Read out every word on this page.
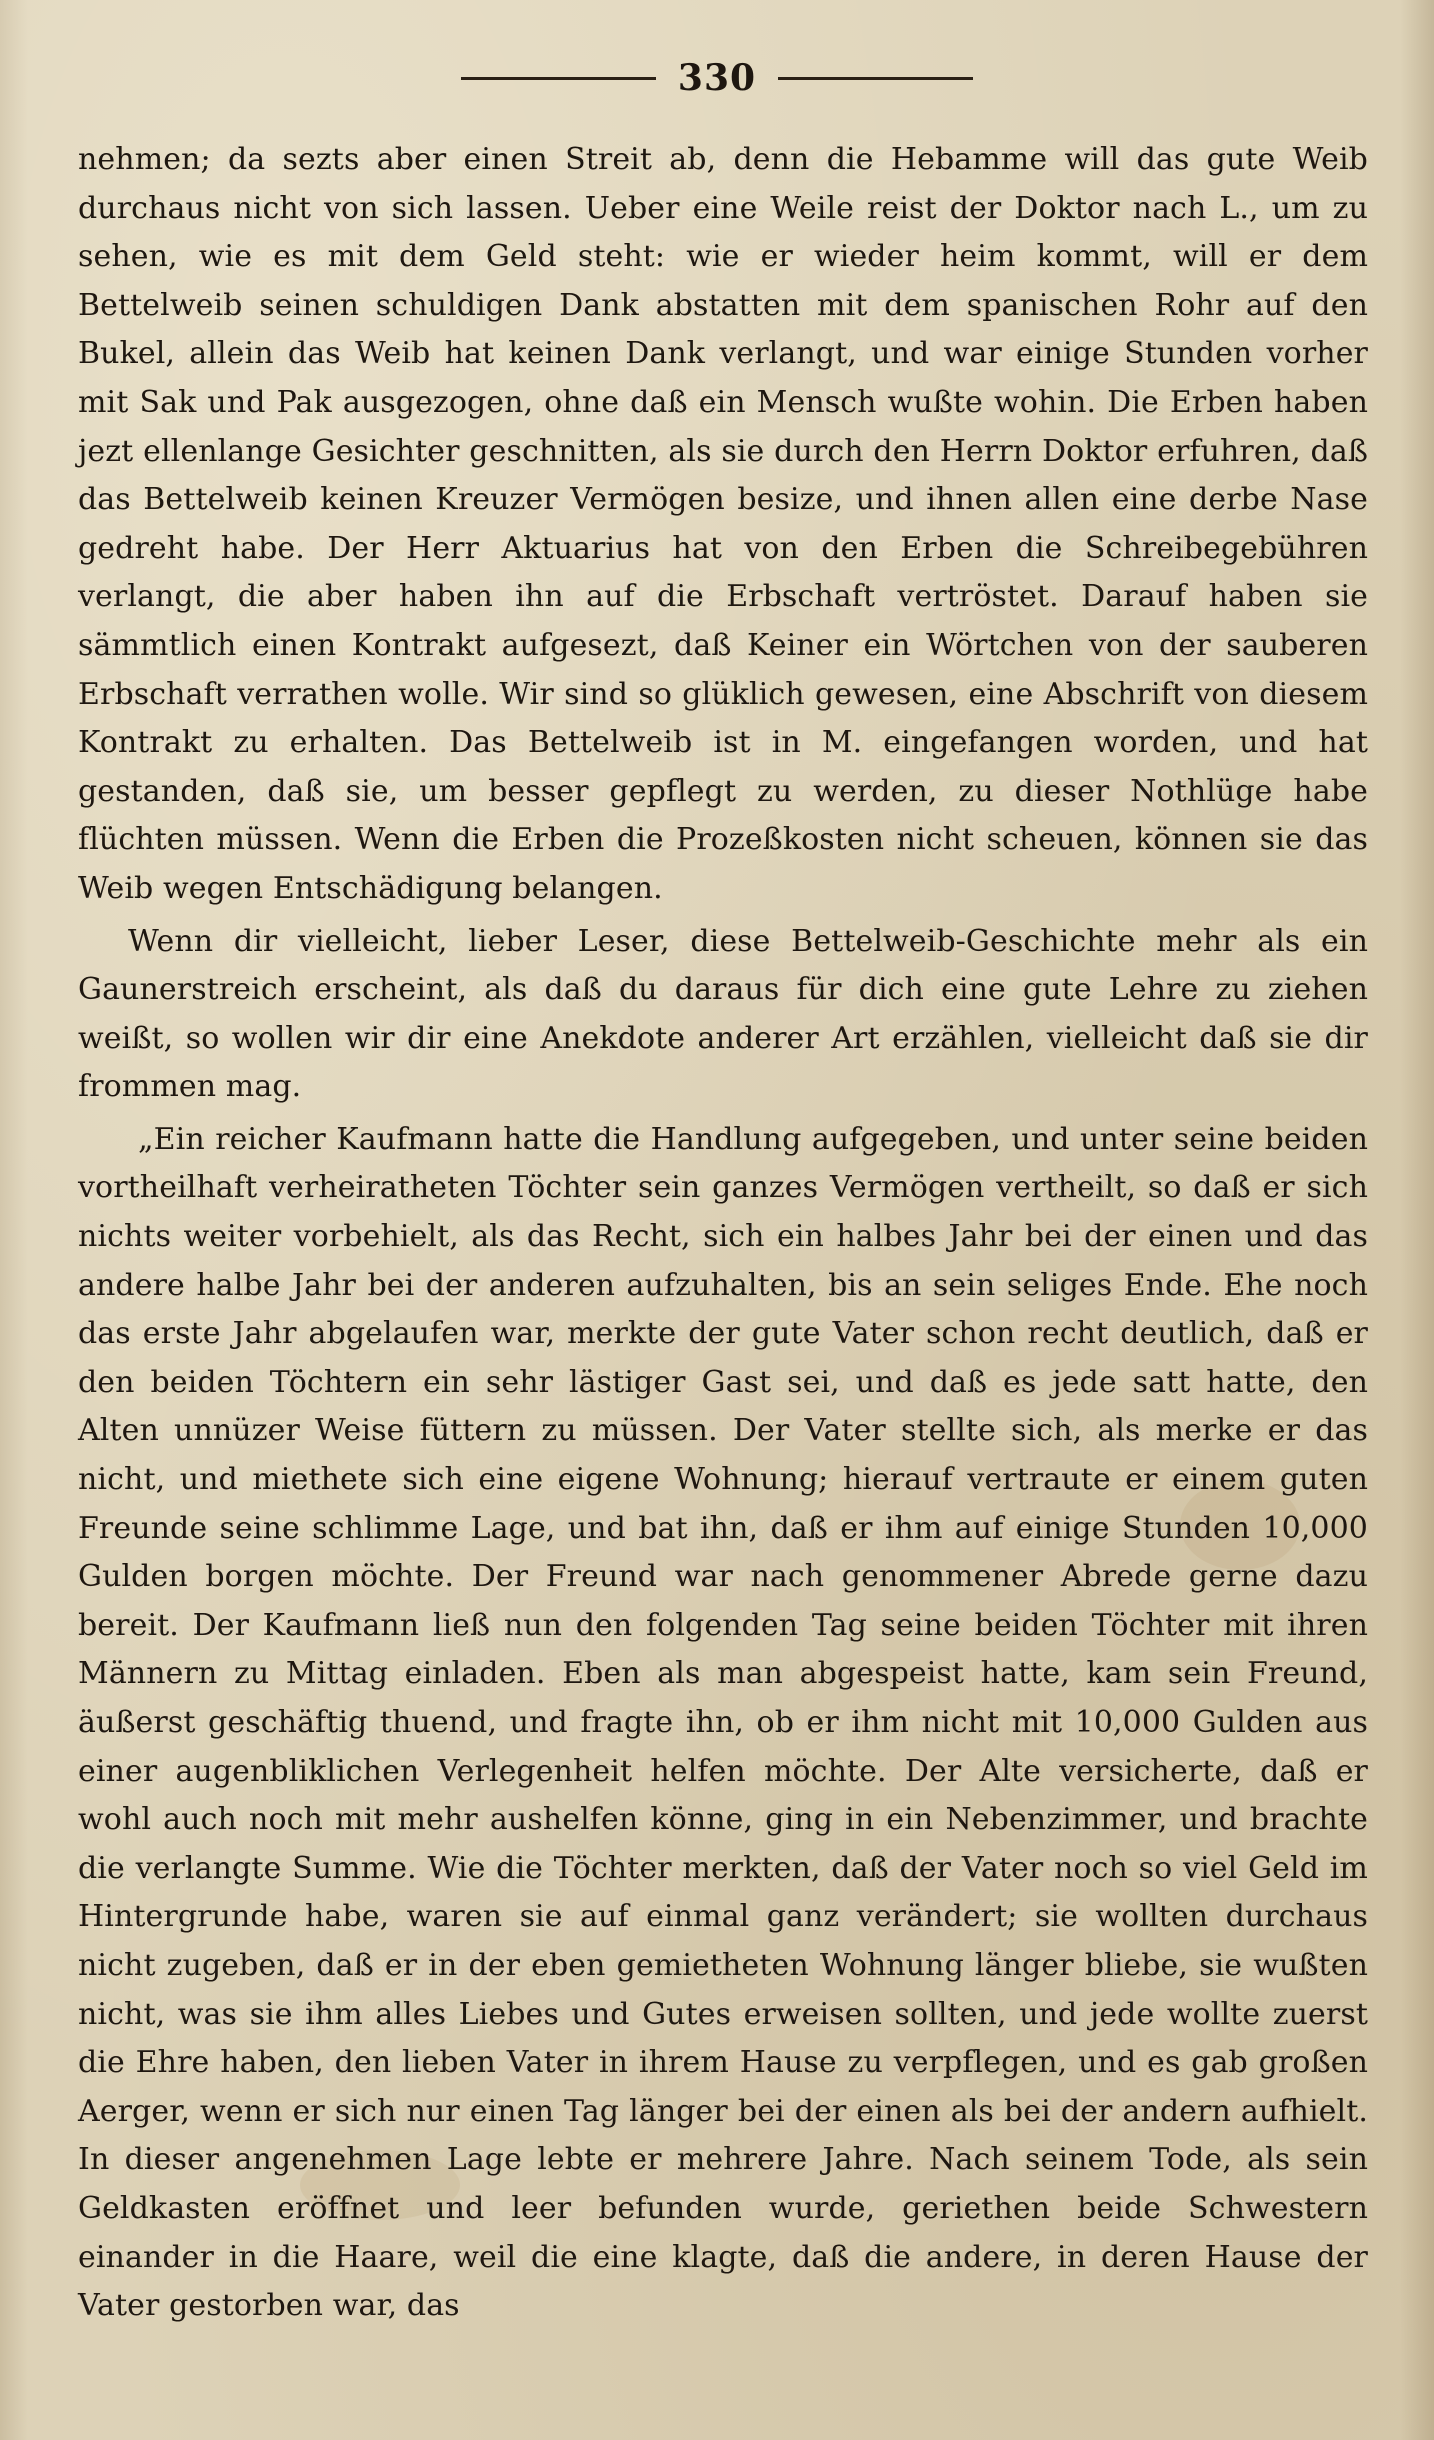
330

nehmen; da sezts aber einen Streit ab, denn die Hebamme will das gute Weib durchaus nicht von sich lassen. Ueber eine Weile reist der Doktor nach L., um zu sehen, wie es mit dem Geld steht: wie er wieder heim kommt, will er dem Bettelweib seinen schuldigen Dank abstatten mit dem spanischen Rohr auf den Bukel, allein das Weib hat keinen Dank verlangt, und war einige Stunden vorher mit Sak und Pak ausgezogen, ohne daß ein Mensch wußte wohin. Die Erben haben jezt ellenlange Gesichter geschnitten, als sie durch den Herrn Doktor erfuhren, daß das Bettelweib keinen Kreuzer Vermögen besize, und ihnen allen eine derbe Nase gedreht habe. Der Herr Aktuarius hat von den Erben die Schreibegebühren verlangt, die aber haben ihn auf die Erbschaft vertröstet. Darauf haben sie sämmtlich einen Kontrakt aufgesezt, daß Keiner ein Wörtchen von der sauberen Erbschaft verrathen wolle. Wir sind so glüklich gewesen, eine Abschrift von diesem Kontrakt zu erhalten. Das Bettelweib ist in M. eingefangen worden, und hat gestanden, daß sie, um besser gepflegt zu werden, zu dieser Nothlüge habe flüchten müssen. Wenn die Erben die Prozeßkosten nicht scheuen, können sie das Weib wegen Entschädigung belangen.

Wenn dir vielleicht, lieber Leser, diese Bettelweib-Geschichte mehr als ein Gaunerstreich erscheint, als daß du daraus für dich eine gute Lehre zu ziehen weißt, so wollen wir dir eine Anekdote anderer Art erzählen, vielleicht daß sie dir frommen mag.

„Ein reicher Kaufmann hatte die Handlung aufgegeben, und unter seine beiden vortheilhaft verheiratheten Töchter sein ganzes Vermögen vertheilt, so daß er sich nichts weiter vorbehielt, als das Recht, sich ein halbes Jahr bei der einen und das andere halbe Jahr bei der anderen aufzuhalten, bis an sein seliges Ende. Ehe noch das erste Jahr abgelaufen war, merkte der gute Vater schon recht deutlich, daß er den beiden Töchtern ein sehr lästiger Gast sei, und daß es jede satt hatte, den Alten unnüzer Weise füttern zu müssen. Der Vater stellte sich, als merke er das nicht, und miethete sich eine eigene Wohnung; hierauf vertraute er einem guten Freunde seine schlimme Lage, und bat ihn, daß er ihm auf einige Stunden 10,000 Gulden borgen möchte. Der Freund war nach genommener Abrede gerne dazu bereit. Der Kaufmann ließ nun den folgenden Tag seine beiden Töchter mit ihren Männern zu Mittag einladen. Eben als man abgespeist hatte, kam sein Freund, äußerst geschäftig thuend, und fragte ihn, ob er ihm nicht mit 10,000 Gulden aus einer augenbliklichen Verlegenheit helfen möchte. Der Alte versicherte, daß er wohl auch noch mit mehr aushelfen könne, ging in ein Nebenzimmer, und brachte die verlangte Summe. Wie die Töchter merkten, daß der Vater noch so viel Geld im Hintergrunde habe, waren sie auf einmal ganz verändert; sie wollten durchaus nicht zugeben, daß er in der eben gemietheten Wohnung länger bliebe, sie wußten nicht, was sie ihm alles Liebes und Gutes erweisen sollten, und jede wollte zuerst die Ehre haben, den lieben Vater in ihrem Hause zu verpflegen, und es gab großen Aerger, wenn er sich nur einen Tag länger bei der einen als bei der andern aufhielt. In dieser angenehmen Lage lebte er mehrere Jahre. Nach seinem Tode, als sein Geldkasten eröffnet und leer befunden wurde, geriethen beide Schwestern einander in die Haare, weil die eine klagte, daß die andere, in deren Hause der Vater gestorben war, das
